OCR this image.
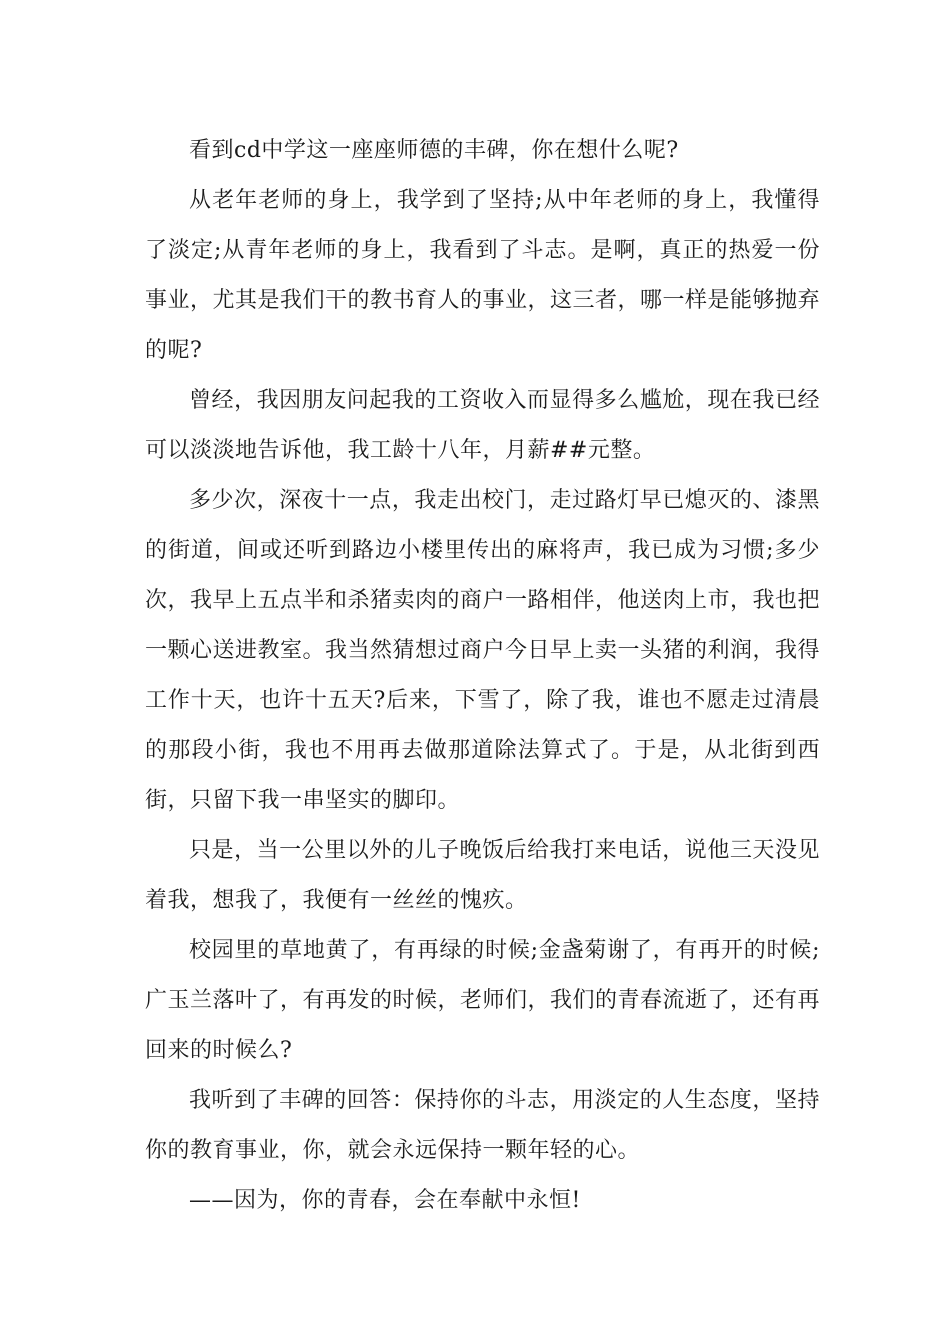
看到cd中学这一座座师德的丰碑，你在想什么呢?

从老年老师的身上，我学到了坚持;从中年老师的身上，我懂得了淡定;从青年老师的身上，我看到了斗志。是啊，真正的热爱一份事业，尤其是我们干的教书育人的事业，这三者，哪一样是能够抛弃的呢?

曾经，我因朋友问起我的工资收入而显得多么尴尬，现在我已经可以淡淡地告诉他，我工龄十八年，月薪##元整。

多少次，深夜十一点，我走出校门，走过路灯早已熄灭的、漆黑的街道，间或还听到路边小楼里传出的麻将声，我已成为习惯;多少次，我早上五点半和杀猪卖肉的商户一路相伴，他送肉上市，我也把一颗心送进教室。我当然猜想过商户今日早上卖一头猪的利润，我得工作十天，也许十五天?后来，下雪了，除了我，谁也不愿走过清晨的那段小街，我也不用再去做那道除法算式了。于是，从北街到西街，只留下我一串坚实的脚印。

只是，当一公里以外的儿子晚饭后给我打来电话，说他三天没见着我，想我了，我便有一丝丝的愧疚。

校园里的草地黄了，有再绿的时候;金盏菊谢了，有再开的时候;广玉兰落叶了，有再发的时候，老师们，我们的青春流逝了，还有再回来的时候么?

我听到了丰碑的回答：保持你的斗志，用淡定的人生态度，坚持你的教育事业，你，就会永远保持一颗年轻的心。

——因为，你的青春，会在奉献中永恒!
